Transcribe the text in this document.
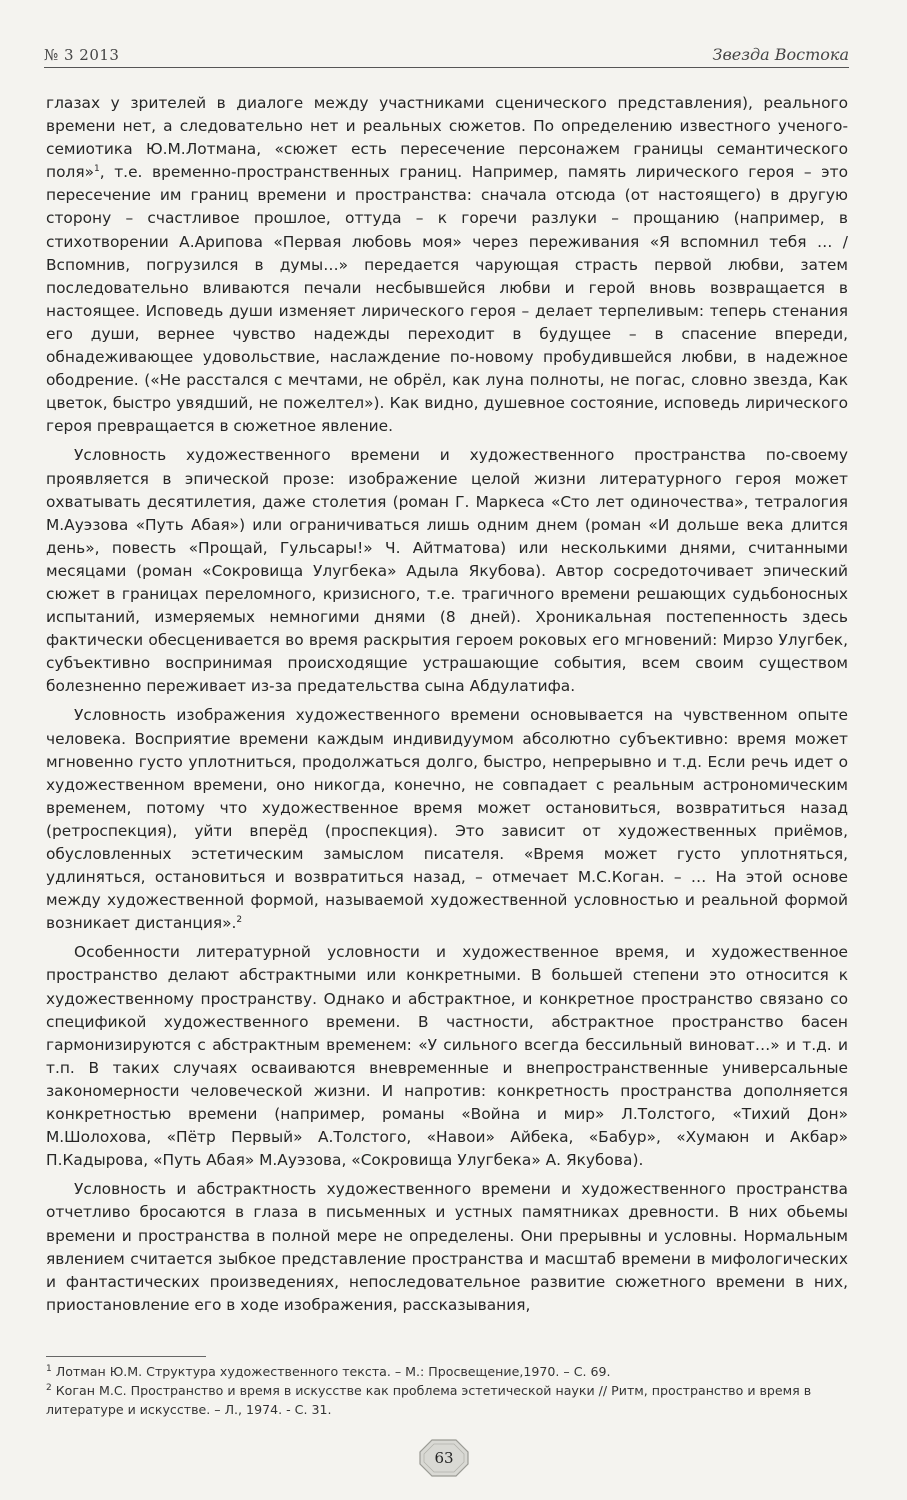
№ 3 2013	Звезда Востока

глазах у зрителей в диалоге между участниками сценического представления), реального времени нет, а следовательно нет и реальных сюжетов. По определению известного ученого-семиотика Ю.М.Лотмана, «сюжет есть пересечение персонажем границы семантического поля»$^1$, т.е. временно-пространственных границ. Например, память лирического героя – это пересечение им границ времени и пространства: сначала отсюда (от настоящего) в другую сторону – счастливое прошлое, оттуда – к горечи разлуки – прощанию (например, в стихотворении А.Арипова «Первая любовь моя» через переживания «Я вспомнил тебя … / Вспомнив, погрузился в думы…» передается чарующая страсть первой любви, затем последовательно вливаются печали несбывшейся любви и герой вновь возвращается в настоящее. Исповедь души изменяет лирического героя – делает терпеливым: теперь стенания его души, вернее чувство надежды переходит в будущее – в спасение впереди, обнадеживающее удовольствие, наслаждение по-новому пробудившейся любви, в надежное ободрение. («Не расстался с мечтами, не обрёл, как луна полноты, не погас, словно звезда, Как цветок, быстро увядший, не пожелтел»). Как видно, душевное состояние, исповедь лирического героя превращается в сюжетное явление.

Условность художественного времени и художественного пространства по-своему проявляется в эпической прозе: изображение целой жизни литературного героя может охватывать десятилетия, даже столетия (роман Г. Маркеса «Сто лет одиночества», тетралогия М.Ауэзова «Путь Абая») или ограничиваться лишь одним днем (роман «И дольше века длится день», повесть «Прощай, Гульсары!» Ч. Айтматова) или несколькими днями, считанными месяцами (роман «Сокровища Улугбека» Адыла Якубова). Автор сосредоточивает эпический сюжет в границах переломного, кризисного, т.е. трагичного времени решающих судьбоносных испытаний, измеряемых немногими днями (8 дней). Хроникальная постепенность здесь фактически обесценивается во время раскрытия героем роковых его мгновений: Мирзо Улугбек, субъективно воспринимая происходящие устрашающие события, всем своим существом болезненно переживает из-за предательства сына Абдулатифа.

Условность изображения художественного времени основывается на чувственном опыте человека. Восприятие времени каждым индивидуумом абсолютно субъективно: время может мгновенно густо уплотниться, продолжаться долго, быстро, непрерывно и т.д. Если речь идет о художественном времени, оно никогда, конечно, не совпадает с реальным астрономическим временем, потому что художественное время может остановиться, возвратиться назад (ретроспекция), уйти вперёд (проспекция). Это зависит от художественных приёмов, обусловленных эстетическим замыслом писателя. «Время может густо уплотняться, удлиняться, остановиться и возвратиться назад, – отмечает М.С.Коган. – … На этой основе между художественной формой, называемой художественной условностью и реальной формой возникает дистанция».$^2$

Особенности литературной условности и художественное время, и художественное пространство делают абстрактными или конкретными. В большей степени это относится к художественному пространству. Однако и абстрактное, и конкретное пространство связано со спецификой художественного времени. В частности, абстрактное пространство басен гармонизируются с абстрактным временем: «У сильного всегда бессильный виноват…» и т.д. и т.п. В таких случаях осваиваются вневременные и внепространственные универсальные закономерности человеческой жизни. И напротив: конкретность пространства дополняется конкретностью времени (например, романы «Война и мир» Л.Толстого, «Тихий Дон» М.Шолохова, «Пётр Первый» А.Толстого, «Навои» Айбека, «Бабур», «Хумаюн и Акбар» П.Кадырова, «Путь Абая» М.Ауэзова, «Сокровища Улугбека» А. Якубова).

Условность и абстрактность художественного времени и художественного пространства отчетливо бросаются в глаза в письменных и устных памятниках древности. В них обьемы времени и пространства в полной мере не определены. Они прерывны и условны. Нормальным явлением считается зыбкое представление пространства и масштаб времени в мифологических и фантастических произведениях, непоследовательное развитие сюжетного времени в них, приостановление его в ходе изображения, рассказывания,

$^1$ Лотман Ю.М. Структура художественного текста. – М.: Просвещение,1970. – С. 69.

$^2$ Коган М.С. Пространство и время в искусстве как проблема эстетической науки // Ритм, пространство и время в литературе и искусстве. – Л., 1974. - С. 31.

63
